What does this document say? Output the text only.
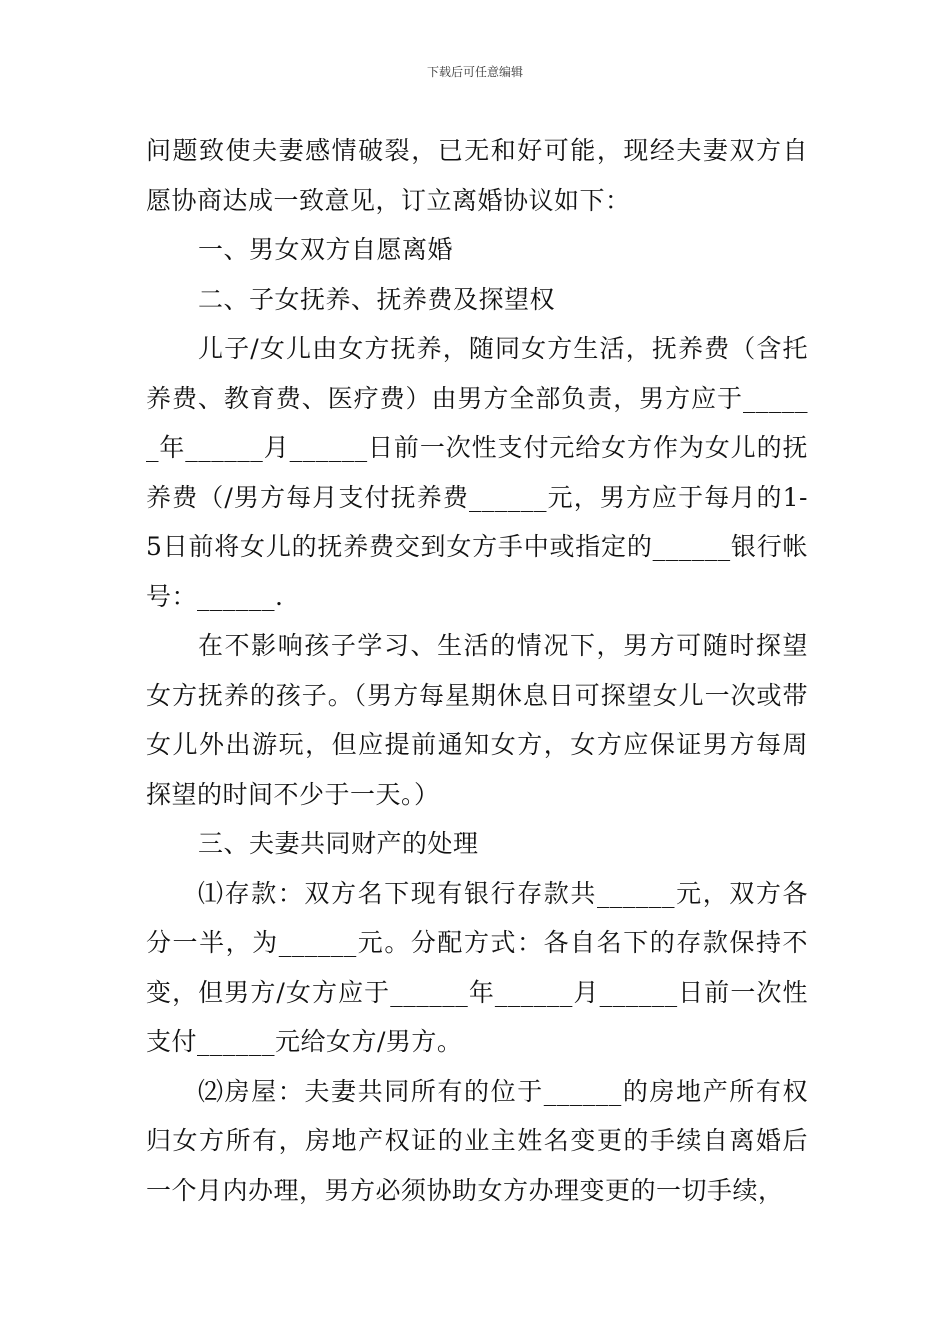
下载后可任意编辑

问题致使夫妻感情破裂，已无和好可能，现经夫妻双方自愿协商达成一致意见，订立离婚协议如下：

一、男女双方自愿离婚

二、子女抚养、抚养费及探望权

儿子/女儿由女方抚养，随同女方生活，抚养费（含托养费、教育费、医疗费）由男方全部负责，男方应于______年______月______日前一次性支付元给女方作为女儿的抚养费（/男方每月支付抚养费______元，男方应于每月的1-5日前将女儿的抚养费交到女方手中或指定的______银行帐号：______.

在不影响孩子学习、生活的情况下，男方可随时探望女方抚养的孩子。（男方每星期休息日可探望女儿一次或带女儿外出游玩，但应提前通知女方，女方应保证男方每周探望的时间不少于一天。）

三、夫妻共同财产的处理

⑴存款：双方名下现有银行存款共______元，双方各分一半，为______元。分配方式：各自名下的存款保持不变，但男方/女方应于______年______月______日前一次性支付______元给女方/男方。

⑵房屋：夫妻共同所有的位于______的房地产所有权归女方所有，房地产权证的业主姓名变更的手续自离婚后一个月内办理，男方必须协助女方办理变更的一切手续，
